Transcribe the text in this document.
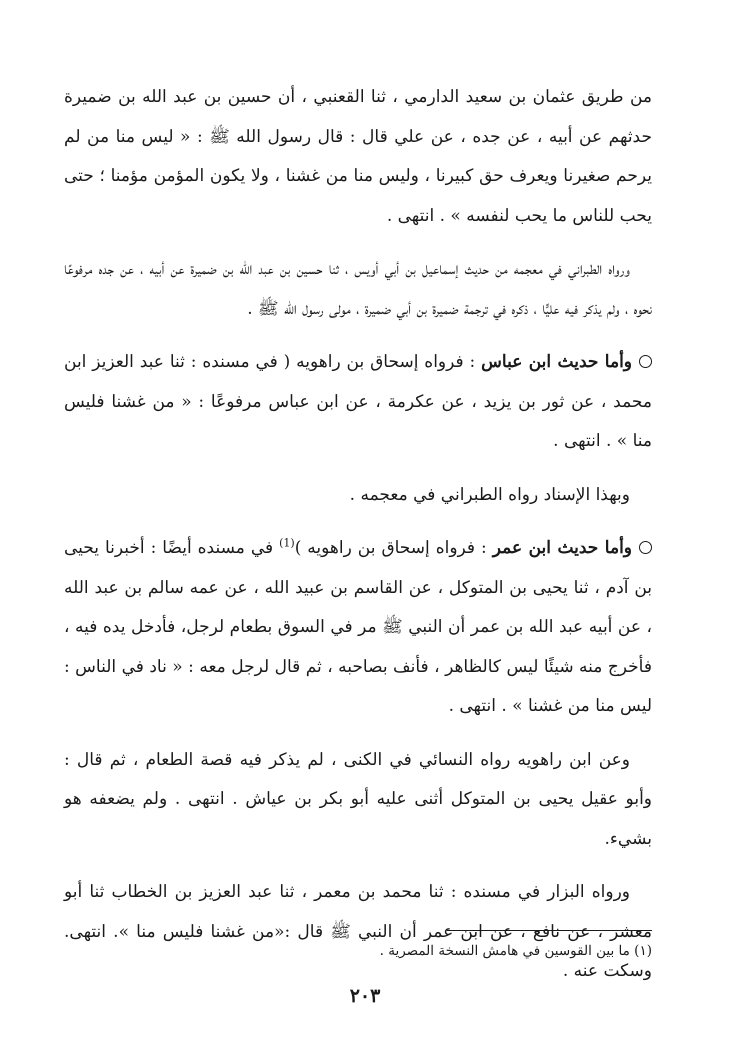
من طريق عثمان بن سعيد الدارمي ، ثنا القعنبي ، أن حسين بن عبد الله بن ضميرة حدثهم عن أبيه ، عن جده ، عن علي قال : قال رسول الله ﷺ : « ليس منا من لم يرحم صغيرنا ويعرف حق كبيرنا ، وليس منا من غشنا ، ولا يكون المؤمن مؤمنا ؛ حتى يحب للناس ما يحب لنفسه » . انتهى .

ورواه الطبراني في معجمه من حديث إسماعيل بن أبي أويس ، ثنا حسين بن عبد الله بن ضميرة عن أبيه ، عن جده مرفوعًا نحوه ، ولم يذكر فيه عليًّا ، ذكره في ترجمة ضميرة بن أبي ضميرة ، مولى رسول الله ﷺ .

وأما حديث ابن عباس : فرواه إسحاق بن راهويه ( في مسنده : ثنا عبد العزيز ابن محمد ، عن ثور بن يزيد ، عن عكرمة ، عن ابن عباس مرفوعًا : « من غشنا فليس منا » . انتهى .

وبهذا الإسناد رواه الطبراني في معجمه .

وأما حديث ابن عمر : فرواه إسحاق بن راهويه )$^{(1)}$ في مسنده أيضًا : أخبرنا يحيى بن آدم ، ثنا يحيى بن المتوكل ، عن القاسم بن عبيد الله ، عن عمه سالم بن عبد الله ، عن أبيه عبد الله بن عمر أن النبي ﷺ مر في السوق بطعام لرجل، فأدخل يده فيه ، فأخرج منه شيئًا ليس كالظاهر ، فأنف بصاحبه ، ثم قال لرجل معه : « ناد في الناس : ليس منا من غشنا » . انتهى .

وعن ابن راهويه رواه النسائي في الكنى ، لم يذكر فيه قصة الطعام ، ثم قال : وأبو عقيل يحيى بن المتوكل أثنى عليه أبو بكر بن عياش . انتهى . ولم يضعفه هو بشيء.

ورواه البزار في مسنده : ثنا محمد بن معمر ، ثنا عبد العزيز بن الخطاب ثنا أبو معشر ، عن نافع ، عن ابن عمر أن النبي ﷺ قال :«من غشنا فليس منا ». انتهى. وسكت عنه .

(١) ما بين القوسين في هامش النسخة المصرية .

٢٠٣
